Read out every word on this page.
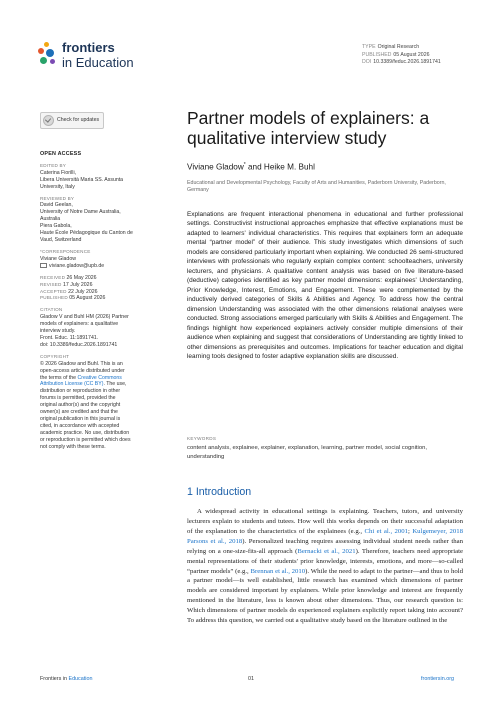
frontiers
in Education
TYPE Original Research
PUBLISHED 05 August 2026
DOI 10.3389/feduc.2026.1891741
Check for updates
OPEN ACCESS
EDITED BY
Caterina Fiorilli,
Libera Università Maria SS. Assunta
University, Italy
REVIEWED BY
David Geelan,
University of Notre Dame Australia,
Australia
Piera Gabola,
Haute École Pédagogique du Canton de
Vaud, Switzerland
*CORRESPONDENCE
Viviane Gladow
viviane.gladow@upb.de
RECEIVED 26 May 2026
REVISED 17 July 2026
ACCEPTED 22 July 2026
PUBLISHED 05 August 2026
CITATION
Gladow V and Buhl HM (2026) Partner
models of explainers: a qualitative
interview study.
Front. Educ. 11:1891741.
doi: 10.3389/feduc.2026.1891741
COPYRIGHT
© 2026 Gladow and Buhl. This is an
open-access article distributed under
the terms of the Creative Commons
Attribution License (CC BY). The use,
distribution or reproduction in other
forums is permitted, provided the
original author(s) and the copyright
owner(s) are credited and that the
original publication in this journal is
cited, in accordance with accepted
academic practice. No use, distribution
or reproduction is permitted which does
not comply with these terms.
Partner models of explainers: a qualitative interview study
Viviane Gladow* and Heike M. Buhl
Educational and Developmental Psychology, Faculty of Arts and Humanities, Paderborn University, Paderborn, Germany
Explanations are frequent interactional phenomena in educational and further professional settings. Constructivist instructional approaches emphasize that effective explanations must be adapted to learners' individual characteristics. This requires that explainers form an adequate mental “partner model” of their audience. This study investigates which dimensions of such models are considered particularly important when explaining. We conducted 26 semi-structured interviews with professionals who regularly explain complex content: schoolteachers, university lecturers, and physicians. A qualitative content analysis was based on five literature-based (deductive) categories identified as key partner model dimensions: explainees' Understanding, Prior Knowledge, Interest, Emotions, and Engagement. These were complemented by the inductively derived categories of Skills & Abilities and Agency. To address how the central dimension Understanding was associated with the other dimensions relational analyses were conducted. Strong associations emerged particularly with Skills & Abilities and Engagement. The findings highlight how experienced explainers actively consider multiple dimensions of their audience when explaining and suggest that considerations of Understanding are tightly linked to other dimensions as prerequisites and outcomes. Implications for teacher education and digital learning tools designed to foster adaptive explanation skills are discussed.
KEYWORDS
content analysis, explainee, explainer, explanation, learning, partner model, social cognition, understanding
1 Introduction
A widespread activity in educational settings is explaining. Teachers, tutors, and university lecturers explain to students and tutees. How well this works depends on their successful adaptation of the explanation to the characteristics of the explainees (e.g., Chi et al., 2001; Kulgemeyer, 2018 Parsons et al., 2018). Personalized teaching requires assessing individual student needs rather than relying on a one-size-fits-all approach (Bernacki et al., 2021). Therefore, teachers need appropriate mental representations of their students' prior knowledge, interests, emotions, and more—so-called “partner models” (e.g., Brennan et al., 2010). While the need to adapt to the partner—and thus to hold a partner model—is well established, little research has examined which dimensions of partner models are considered important by explainers. While prior knowledge and interest are frequently mentioned in the literature, less is known about other dimensions. Thus, our research question is: Which dimensions of partner models do experienced explainers explicitly report taking into account? To address this question, we carried out a qualitative study based on the literature outlined in the
Frontiers in Education	01	frontiersin.org
